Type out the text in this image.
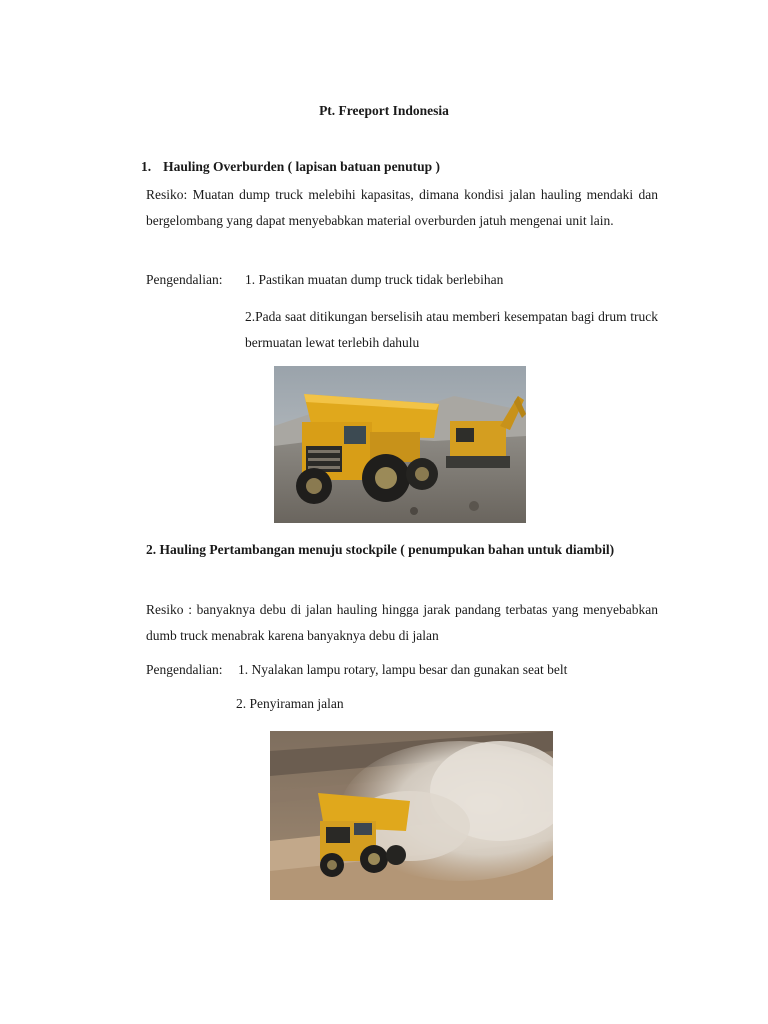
Pt. Freeport Indonesia
1. Hauling Overburden ( lapisan batuan penutup )
Resiko: Muatan dump truck melebihi kapasitas, dimana kondisi jalan hauling mendaki dan bergelombang yang dapat menyebabkan material overburden jatuh mengenai unit lain.
Pengendalian: 1. Pastikan muatan dump truck tidak berlebihan
2.Pada saat ditikungan berselisih atau memberi kesempatan bagi drum truck bermuatan lewat terlebih dahulu
2. Hauling Pertambangan menuju stockpile ( penumpukan bahan untuk diambil)
Resiko : banyaknya debu di jalan hauling hingga jarak pandang terbatas yang menyebabkan dumb truck menabrak karena banyaknya debu di jalan
Pengendalian: 1. Nyalakan lampu rotary, lampu besar dan gunakan seat belt
2. Penyiraman jalan
